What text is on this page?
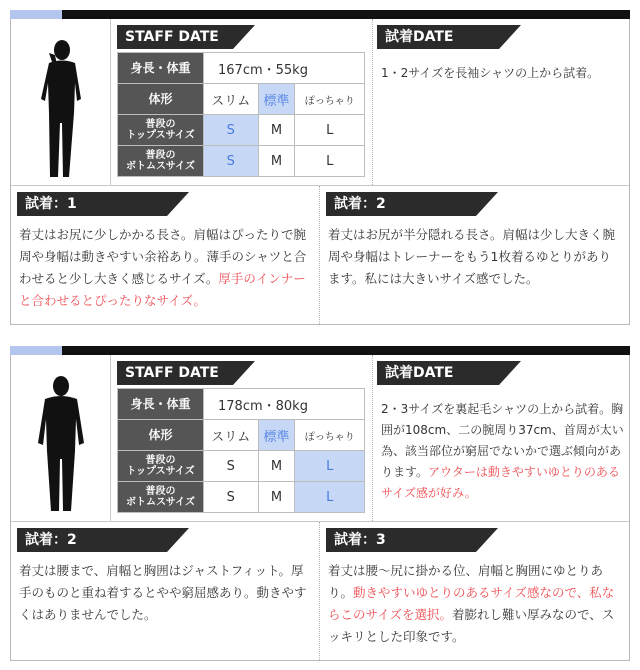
STAFF DATE
身長・体重	167cm・55kg		
体形	スリム	標準	ぽっちゃり
普段の
トップスサイズ	S	M	L
普段の
ボトムスサイズ	S	M	L
試着DATE
1・2サイズを長袖シャツの上から試着。
試着：1
着丈はお尻に少しかかる長さ。肩幅はぴったりで腕周や身幅は動きやすい余裕あり。薄手のシャツと合わせると少し大きく感じるサイズ。厚手のインナーと合わせるとぴったりなサイズ。
試着：2
着丈はお尻が半分隠れる長さ。肩幅は少し大きく腕周や身幅はトレーナーをもう1枚着るゆとりがあります。私には大きいサイズ感でした。
STAFF DATE
身長・体重	178cm・80kg		
体形	スリム	標準	ぽっちゃり
普段の
トップスサイズ	S	M	L
普段の
ボトムスサイズ	S	M	L
試着DATE
2・3サイズを裏起毛シャツの上から試着。胸囲が108cm、二の腕周り37cm、首周が太い為、該当部位が窮屈でないかで選ぶ傾向があります。アウターは動きやすいゆとりのあるサイズ感が好み。
試着：2
着丈は腰まで、肩幅と胸囲はジャストフィット。厚手のものと重ね着するとやや窮屈感あり。動きやすくはありませんでした。
試着：3
着丈は腰〜尻に掛かる位、肩幅と胸囲にゆとりあり。動きやすいゆとりのあるサイズ感なので、私ならこのサイズを選択。着膨れし難い厚みなので、スッキリとした印象です。
